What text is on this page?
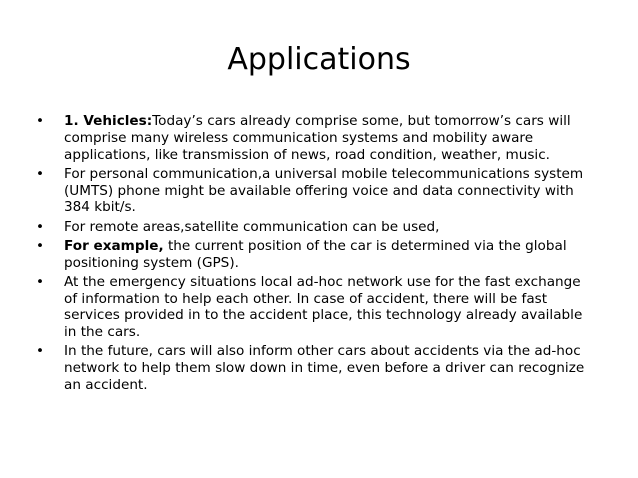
Applications
•	1. Vehicles:Today’s cars already comprise some, but tomorrow’s cars will comprise many wireless communication systems and mobility aware applications, like transmission of news, road condition, weather, music.
•	For personal communication,a universal mobile telecommunications system (UMTS) phone might be available offering voice and data connectivity with 384 kbit/s.
•	For remote areas,satellite communication can be used,
•	For example, the current position of the car is determined via the global positioning system (GPS).
•	At the emergency situations local ad-hoc network use for the fast exchange of information to help each other. In case of accident, there will be fast services provided in to the accident place, this technology already available in the cars.
•	In the future, cars will also inform other cars about accidents via the ad-hoc network to help them slow down in time, even before a driver can recognize an accident.
